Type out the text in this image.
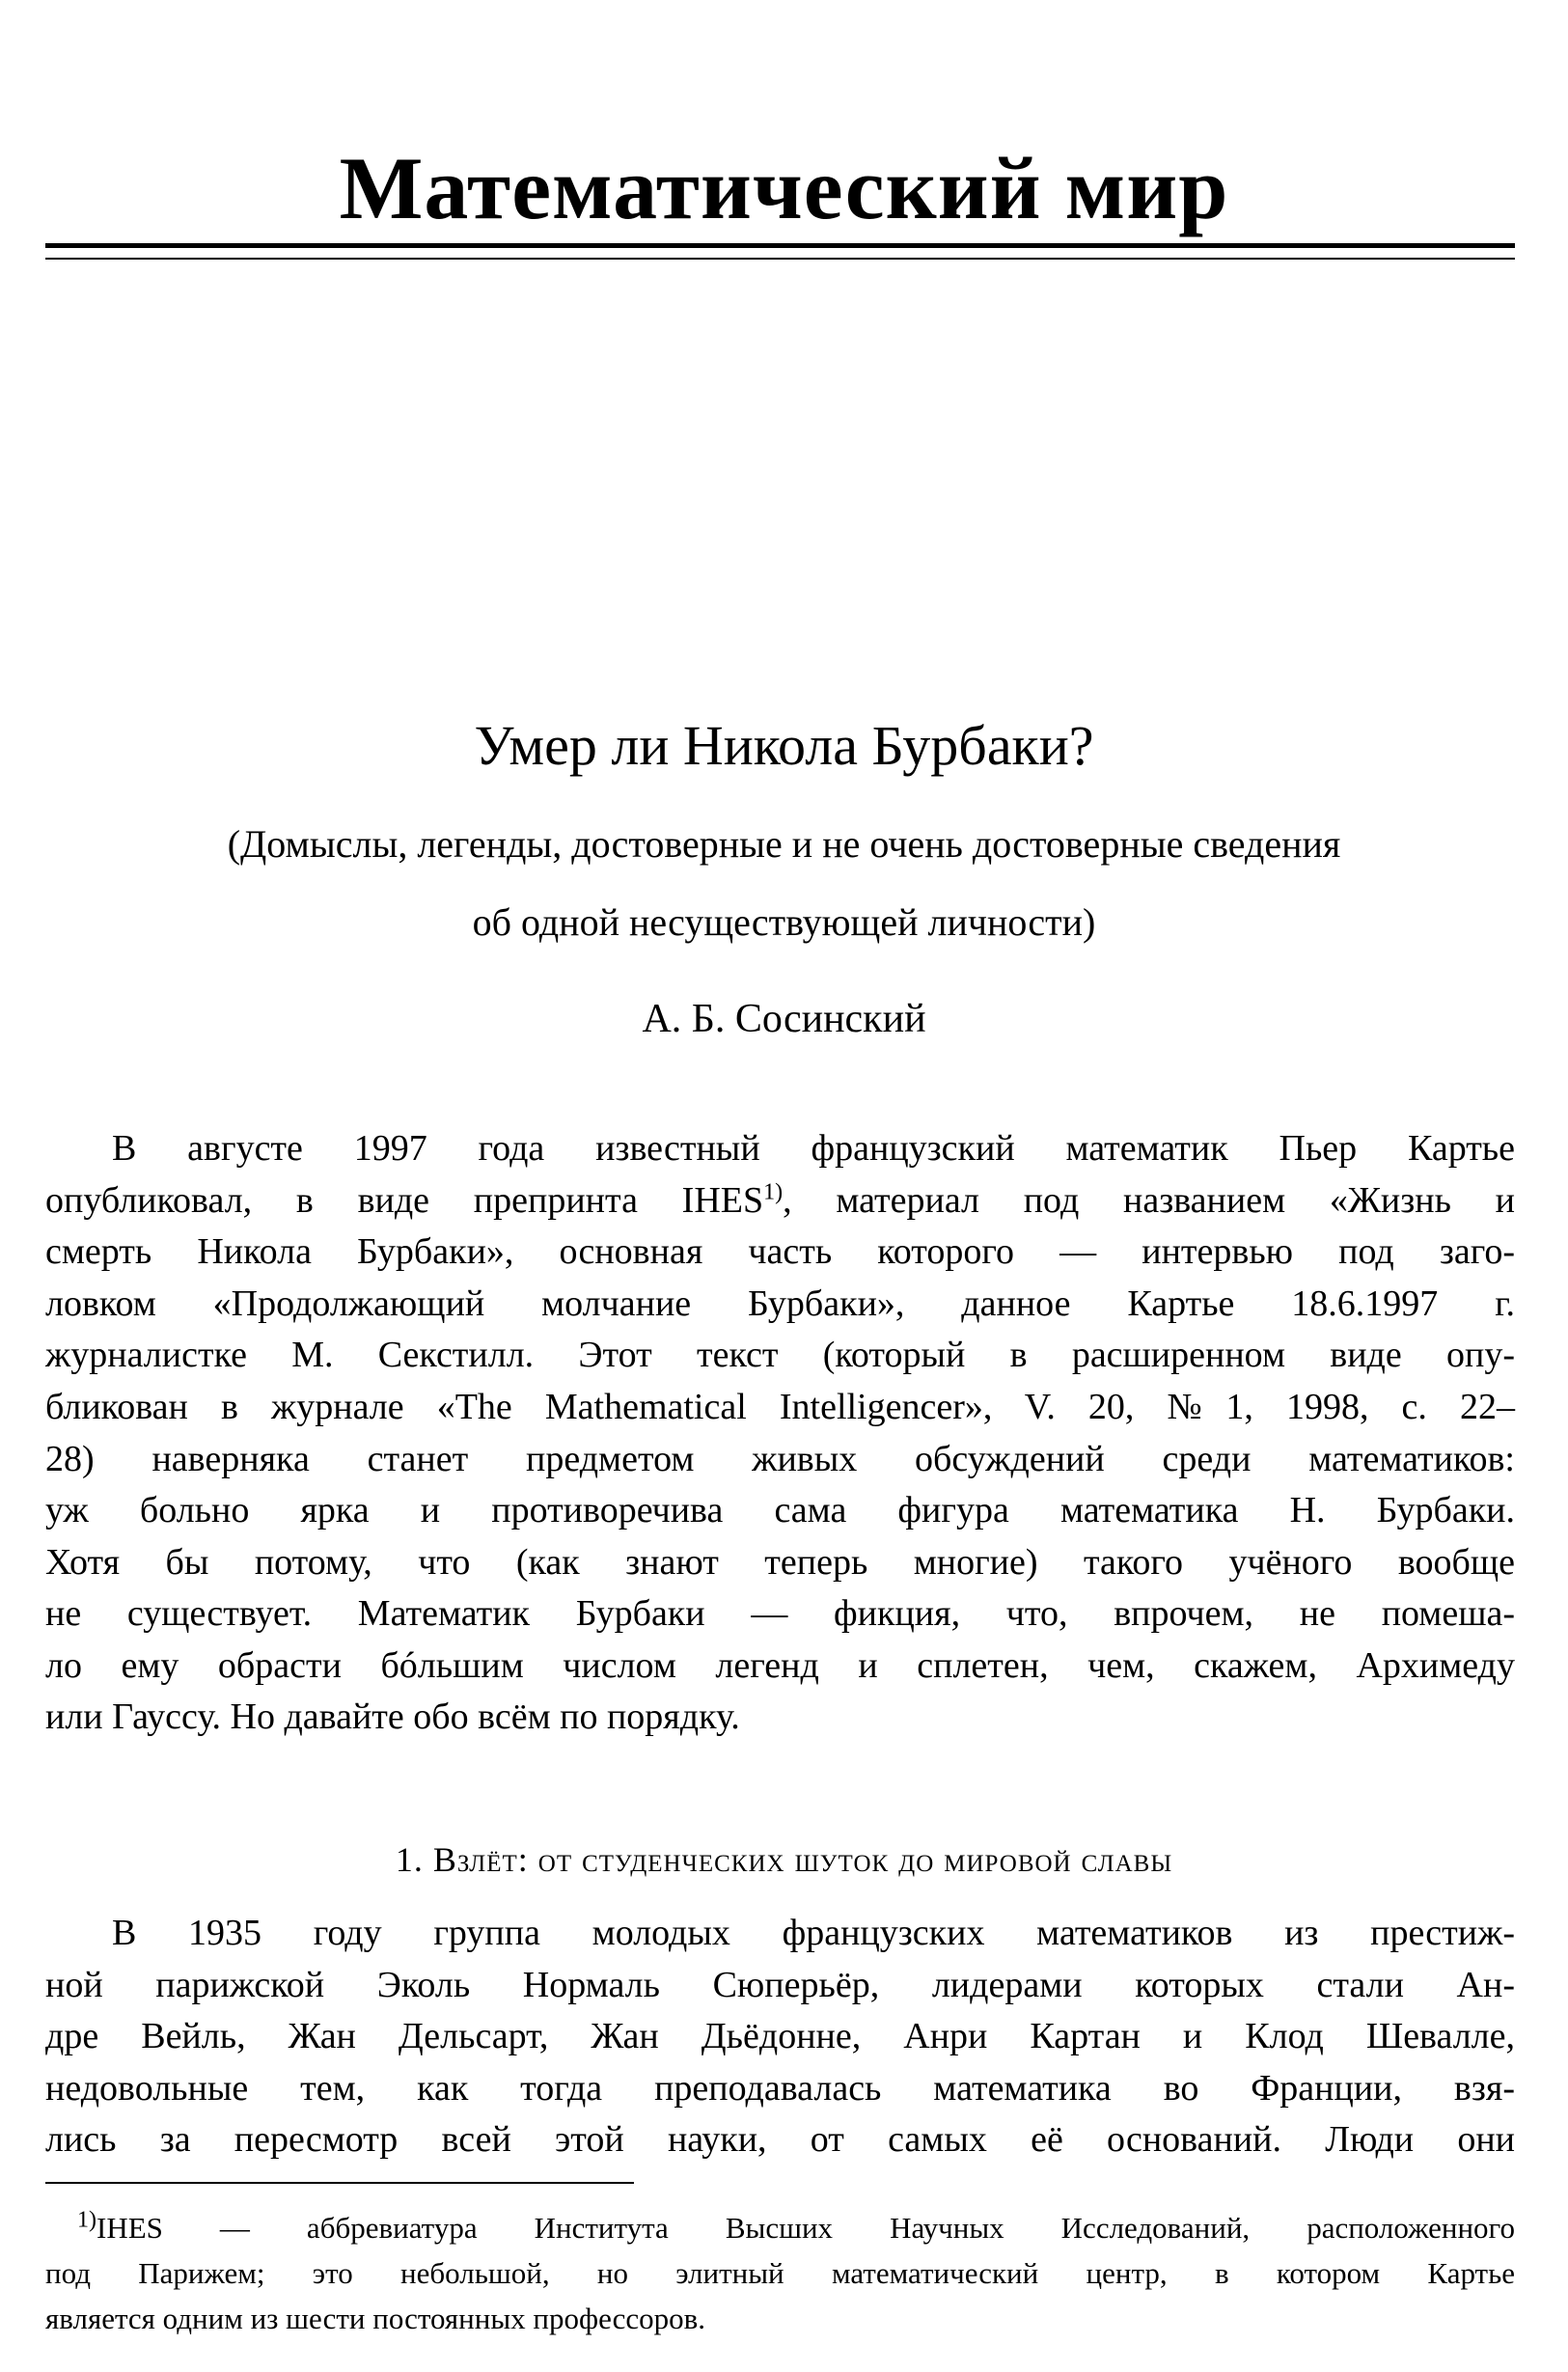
Математический мир
Умер ли Никола Бурбаки?
(Домыслы, легенды, достоверные и не очень достоверные сведения
об одной несуществующей личности)
А. Б. Сосинский
В августе 1997 года известный французский математик Пьер Картье
опубликовал, в виде препринта IHES$^{1)}$, материал под названием «Жизнь и
смерть Никола Бурбаки», основная часть которого — интервью под заго-
ловком «Продолжающий молчание Бурбаки», данное Картье 18.6.1997 г.
журналистке М. Секстилл. Этот текст (который в расширенном виде опу-
бликован в журнале «The Mathematical Intelligencer», V. 20, №1, 1998, с. 22–
28) наверняка станет предметом живых обсуждений среди математиков:
уж больно ярка и противоречива сама фигура математика Н. Бурбаки.
Хотя бы потому, что (как знают теперь многие) такого учёного вообще
не существует. Математик Бурбаки — фикция, что, впрочем, не помеша-
ло ему обрасти бóльшим числом легенд и сплетен, чем, скажем, Архимеду
или Гауссу. Но давайте обо всём по порядку.
1. Взлёт: от студенческих шуток до мировой славы
В 1935 году группа молодых французских математиков из престиж-
ной парижской Эколь Нормаль Сюперьёр, лидерами которых стали Ан-
дре Вейль, Жан Дельсарт, Жан Дьёдонне, Анри Картан и Клод Шевалле,
недовольные тем, как тогда преподавалась математика во Франции, взя-
лись за пересмотр всей этой науки, от самых её оснований. Люди они
$^{1)}$IHES — аббревиатура Института Высших Научных Исследований, расположенного
под Парижем; это небольшой, но элитный математический центр, в котором Картье
является одним из шести постоянных профессоров.
